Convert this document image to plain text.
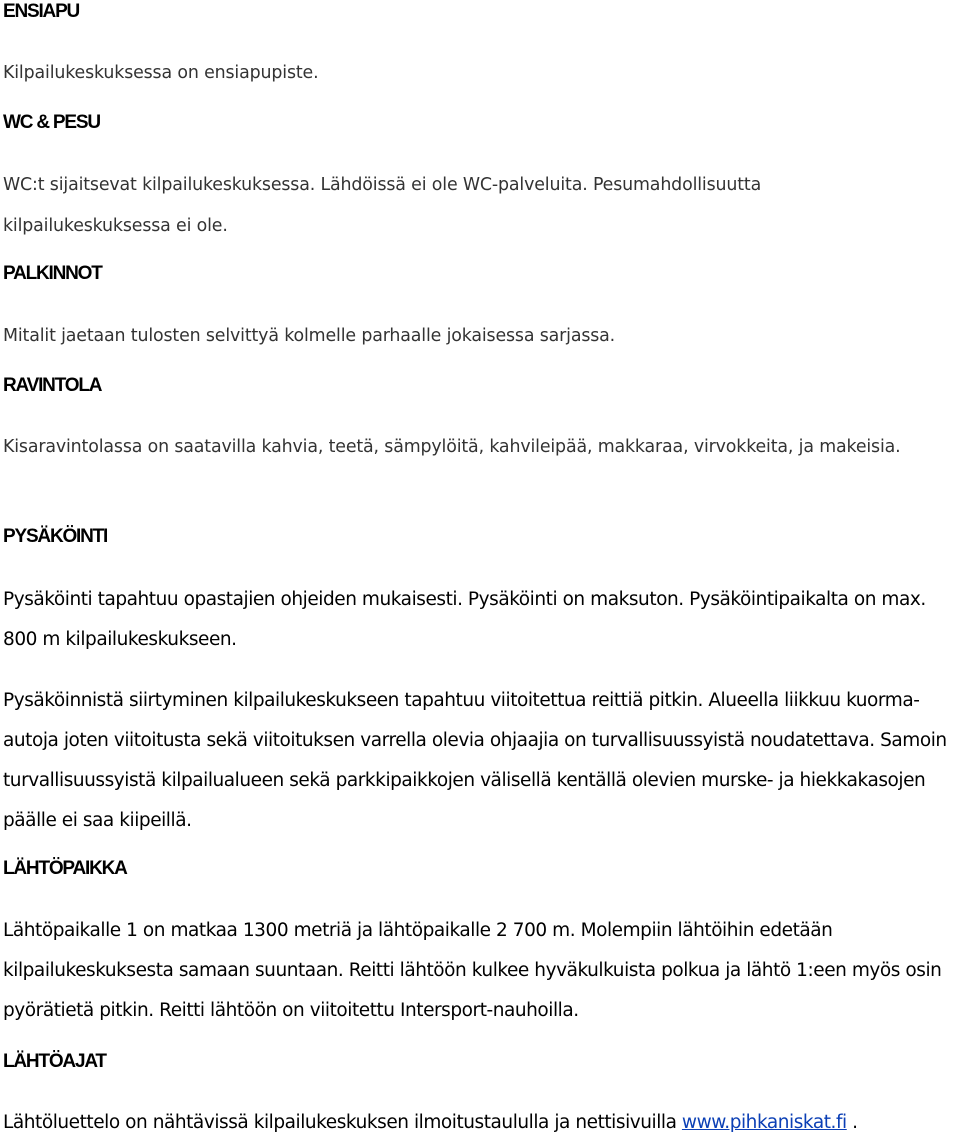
ENSIAPU
Kilpailukeskuksessa on ensiapupiste.
WC & PESU
WC:t sijaitsevat kilpailukeskuksessa. Lähdöissä ei ole WC-palveluita. Pesumahdollisuutta kilpailukeskuksessa ei ole.
PALKINNOT
Mitalit jaetaan tulosten selvittyä kolmelle parhaalle jokaisessa sarjassa.
RAVINTOLA
Kisaravintolassa on saatavilla kahvia, teetä, sämpylöitä, kahvileipää, makkaraa, virvokkeita, ja makeisia.
PYSÄKÖINTI
Pysäköinti tapahtuu opastajien ohjeiden mukaisesti. Pysäköinti on maksuton. Pysäköintipaikalta on max. 800 m kilpailukeskukseen.
Pysäköinnistä siirtyminen kilpailukeskukseen tapahtuu viitoitettua reittiä pitkin. Alueella liikkuu kuorma-autoja joten viitoitusta sekä viitoituksen varrella olevia ohjaajia on turvallisuussyistä noudatettava. Samoin turvallisuussyistä kilpailualueen sekä parkkipaikkojen välisellä kentällä olevien murske- ja hiekkakasojen päälle ei saa kiipeillä.
LÄHTÖPAIKKA
Lähtöpaikalle 1 on matkaa 1300 metriä ja lähtöpaikalle 2 700 m. Molempiin lähtöihin edetään kilpailukeskuksesta samaan suuntaan. Reitti lähtöön kulkee hyväkulkuista polkua ja lähtö 1:een myös osin pyörätietä pitkin. Reitti lähtöön on viitoitettu Intersport-nauhoilla.
LÄHTÖAJAT
Lähtöluettelo on nähtävissä kilpailukeskuksen ilmoitustaululla ja nettisivuilla www.pihkaniskat.fi .
